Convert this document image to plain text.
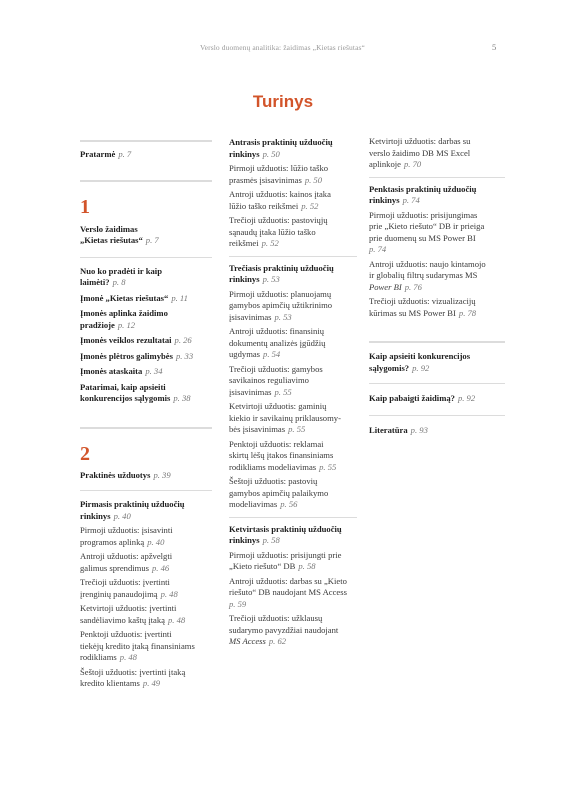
Verslo duomenų analitika: žaidimas „Kietas riešutas“	5
Turinys
Pratarmė p. 7
1
Verslo žaidimas
„Kietas riešutas“ p. 7
Nuo ko pradėti ir kaip
laimėti? p. 8
Įmonė „Kietas riešutas“ p. 11
Įmonės aplinka žaidimo
pradžioje p. 12
Įmonės veiklos rezultatai p. 26
Įmonės plėtros galimybės p. 33
Įmonės ataskaita p. 34
Patarimai, kaip apsieiti
konkurencijos sąlygomis p. 38
2
Praktinės užduotys p. 39
Pirmasis praktinių užduočių
rinkinys p. 40
Pirmoji užduotis: įsisavinti
programos aplinką p. 40
Antroji užduotis: apžvelgti
galimus sprendimus p. 46
Trečioji užduotis: įvertinti
įrenginių panaudojimą p. 48
Ketvirtoji užduotis: įvertinti
sandėliavimo kaštų įtaką p. 48
Penktoji užduotis: įvertinti
tiekėjų kredito įtaką finansiniams
rodikliams p. 48
Šeštoji užduotis: įvertinti įtaką
kredito klientams p. 49
Antrasis praktinių užduočių
rinkinys p. 50
Pirmoji užduotis: lūžio taško
prasmės įsisavinimas p. 50
Antroji užduotis: kainos įtaka
lūžio taško reikšmei p. 52
Trečioji užduotis: pastoviųjų
sąnaudų įtaka lūžio taško
reikšmei p. 52
Trečiasis praktinių užduočių
rinkinys p. 53
Pirmoji užduotis: planuojamų
gamybos apimčių užtikrinimo
įsisavinimas p. 53
Antroji užduotis: finansinių
dokumentų analizės įgūdžių
ugdymas p. 54
Trečioji užduotis: gamybos
savikainos reguliavimo
įsisavinimas p. 55
Ketvirtoji užduotis: gaminių
kiekio ir savikainų priklausomy-
bės įsisavinimas p. 55
Penktoji užduotis: reklamai
skirtų lėšų įtakos finansiniams
rodikliams modeliavimas p. 55
Šeštoji užduotis: pastovių
gamybos apimčių palaikymo
modeliavimas p. 56
Ketvirtasis praktinių užduočių
rinkinys p. 58
Pirmoji užduotis: prisijungti prie
„Kieto riešuto“ DB p. 58
Antroji užduotis: darbas su „Kieto
riešuto“ DB naudojant MS Access
p. 59
Trečioji užduotis: užklausų
sudarymo pavyzdžiai naudojant
MS Access p. 62
Ketvirtoji užduotis: darbas su
verslo žaidimo DB MS Excel
aplinkoje p. 70
Penktasis praktinių užduočių
rinkinys p. 74
Pirmoji užduotis: prisijungimas
prie „Kieto riešuto“ DB ir prieiga
prie duomenų su MS Power BI
p. 74
Antroji užduotis: naujo kintamojo
ir globalių filtrų sudarymas MS
Power BI p. 76
Trečioji užduotis: vizualizacijų
kūrimas su MS Power BI p. 78
Kaip apsieiti konkurencijos
sąlygomis? p. 92
Kaip pabaigti žaidimą? p. 92
Literatūra p. 93
